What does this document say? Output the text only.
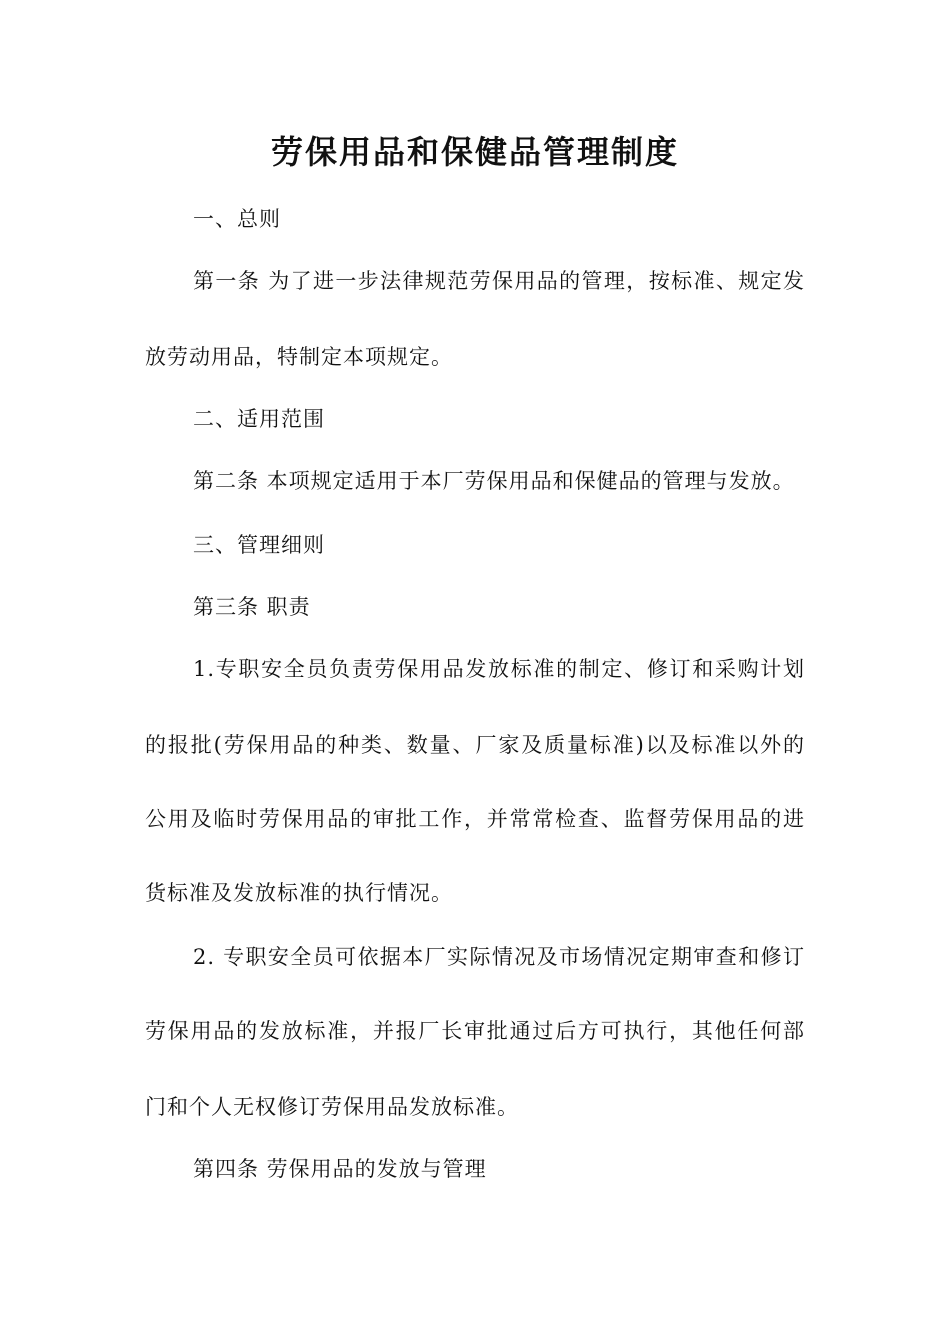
劳保用品和保健品管理制度
一、总则
第一条 为了进一步法律规范劳保用品的管理，按标准、规定发
放劳动用品，特制定本项规定。
二、适用范围
第二条 本项规定适用于本厂劳保用品和保健品的管理与发放。
三、管理细则
第三条 职责
1.专职安全员负责劳保用品发放标准的制定、修订和采购计划
的报批(劳保用品的种类、数量、厂家及质量标准)以及标准以外的
公用及临时劳保用品的审批工作，并常常检查、监督劳保用品的进
货标准及发放标准的执行情况。
2. 专职安全员可依据本厂实际情况及市场情况定期审查和修订
劳保用品的发放标准，并报厂长审批通过后方可执行，其他任何部
门和个人无权修订劳保用品发放标准。
第四条 劳保用品的发放与管理
